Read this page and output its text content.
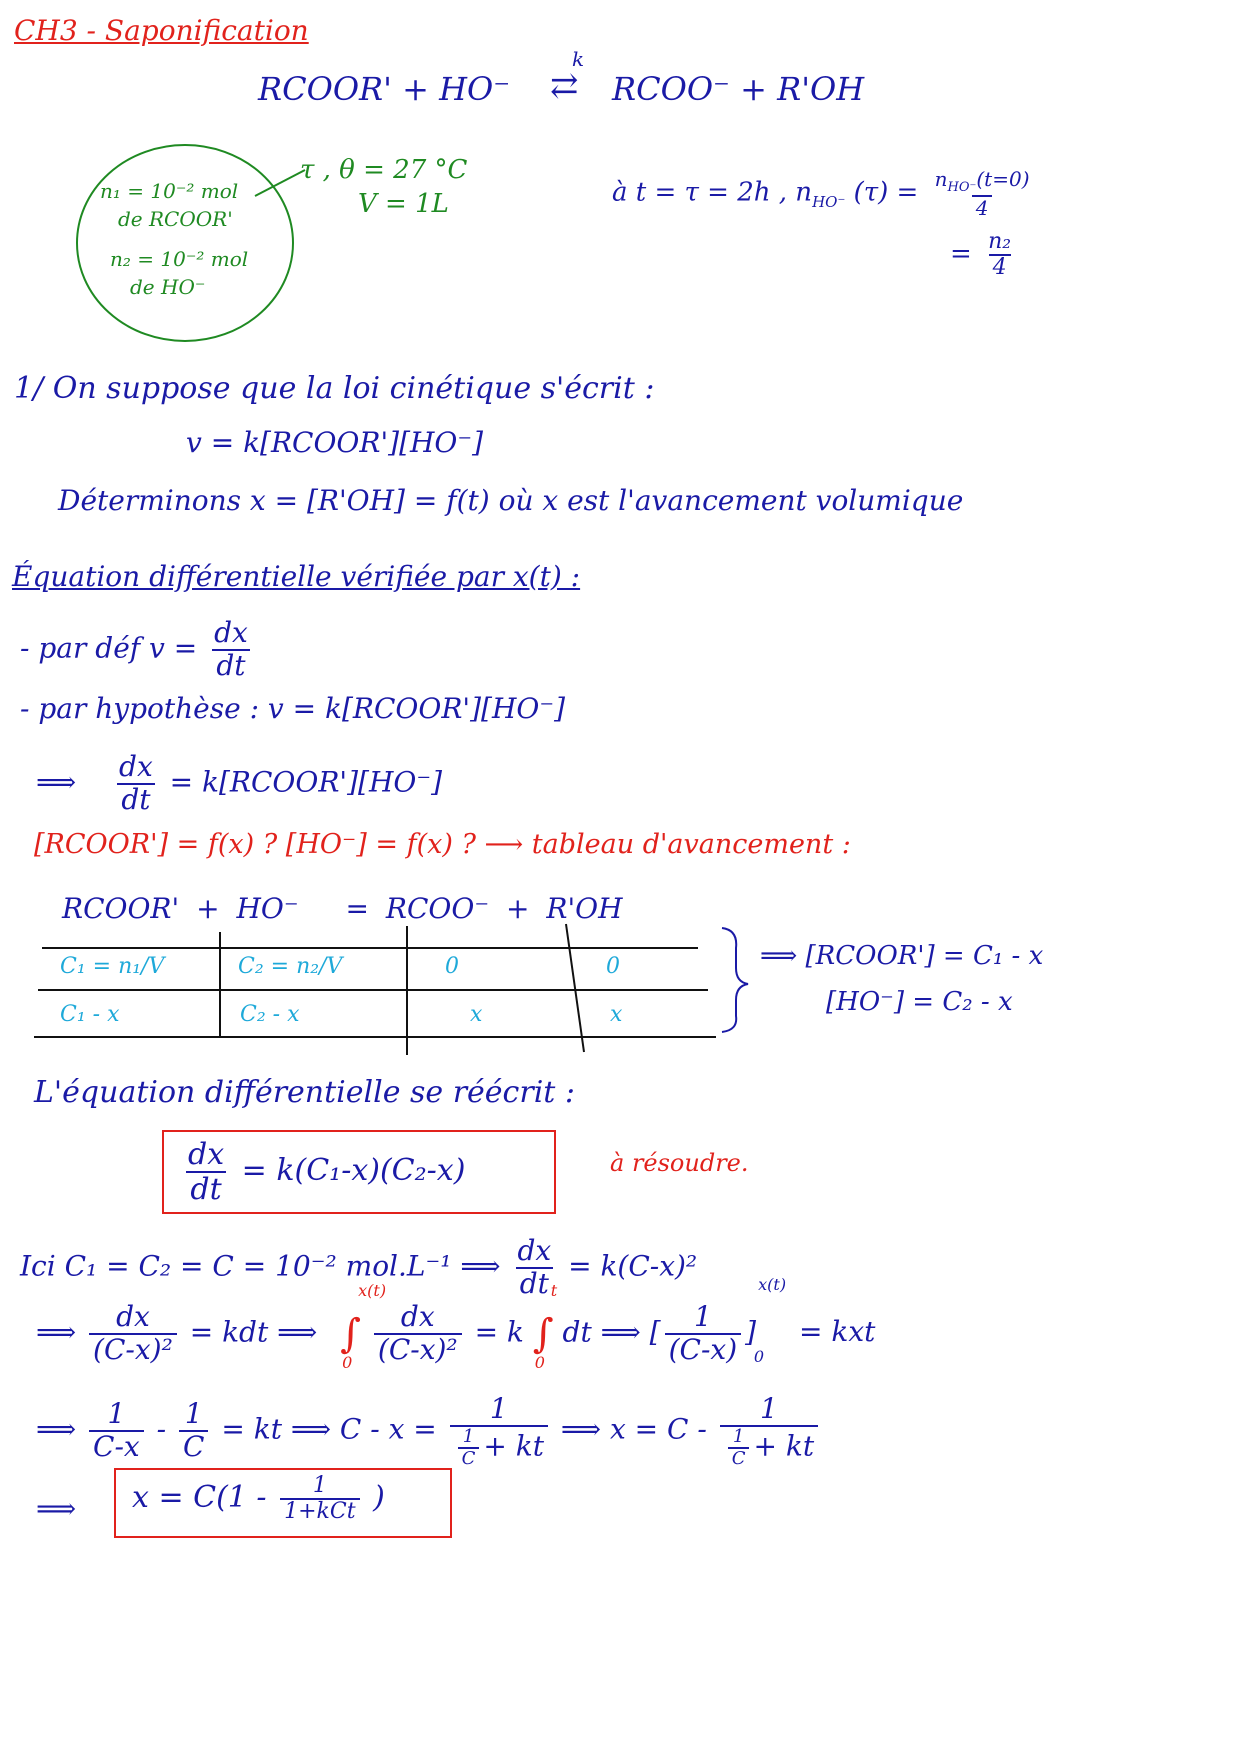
CH3 - Saponification
RCOOR' + HO⁻
k
⇄ RCOO⁻ + R'OH
n₁ = 10⁻² mol
de RCOOR'
n₂ = 10⁻² mol
de HO⁻
τ , θ = 27 °C
V = 1L	à t = τ = 2h , $n_{HO^-}$ $(\tau) = \frac{n_{HO^-}(t=0)}{4}$
= $\frac{\text{n₂}}{4}$
1/ On suppose que la loi cinétique s'écrit :
v = k[RCOOR'][HO⁻]
Déterminons x = [R'OH] = f(t) où x est l'avancement volumique
Équation différentielle vérifiée par x(t) :
- par déf $v = \frac{dx}{dt}$
- par hypothèse : v = k[RCOOR'][HO⁻]
⟹ $\frac{dx}{dt}$ = k[RCOOR'][HO⁻]
[RCOOR'] = f(x) ? [HO⁻] = f(x) ? ⟶ tableau d'avancement :
RCOOR' + HO⁻ = RCOO⁻ + R'OH
C₁ = n₁/V	C₂ = n₂/V	0	0
C₁ - x	C₂ - x	x	x
⟹ [RCOOR'] = C₁ - x
[HO⁻] = C₂ - x
L'équation différentielle se réécrit :
$\frac{dx}{dt} = k(C_1-x)(C_2-x)$	à résoudre.
Ici C₁ = C₂ = C = 10⁻² mol.L⁻¹ ⟹ $\frac{dx}{dt} = k(C-x)^2$
⟹ $\frac{dx}{\text{(C-x)²}}$ = kdt ⟹ ∫
x(t)
0
$\frac{dx}{\text{(C-x)²}} = k$ ∫
t
0
dt ⟹ [ $\frac{1}{(C-x)}$ ]
x(t)
0
= kxt
⟹ $\frac{1}{C-x} - \frac{1}{C}$ = kt ⟹ $C - x = \frac{1}{\frac{1}{C} + kt}$ ⟹ $x = C - \frac{1}{\frac{1}{C} + kt}$
⟹ $x = C(1 - \frac{1}{\text{1+kCt}}$ )
